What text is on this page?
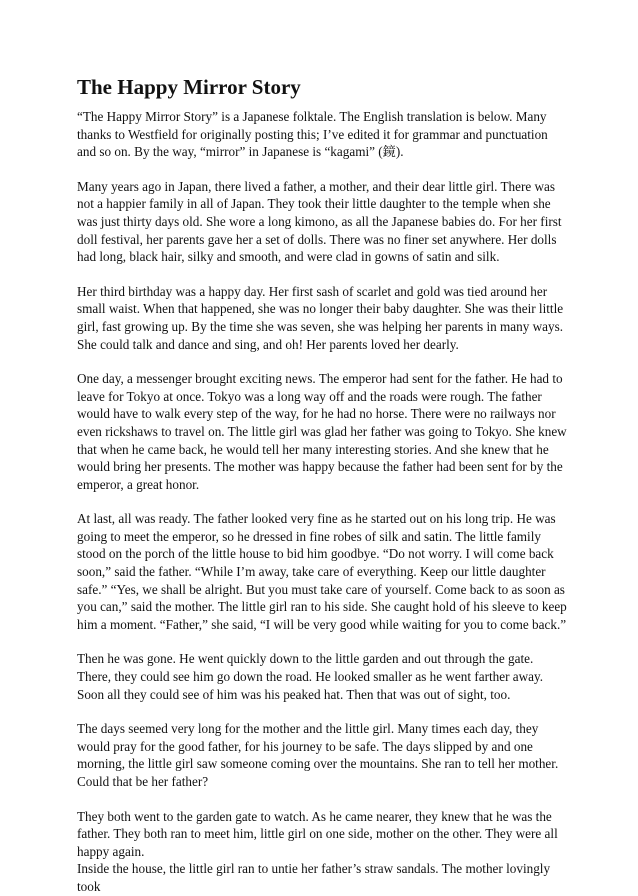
The Happy Mirror Story

“The Happy Mirror Story” is a Japanese folktale. The English translation is below. Many thanks to Westfield for originally posting this; I’ve edited it for grammar and punctuation and so on. By the way, “mirror” in Japanese is “kagami” (鏡).

Many years ago in Japan, there lived a father, a mother, and their dear little girl. There was not a happier family in all of Japan. They took their little daughter to the temple when she was just thirty days old. She wore a long kimono, as all the Japanese babies do. For her first doll festival, her parents gave her a set of dolls. There was no finer set anywhere. Her dolls had long, black hair, silky and smooth, and were clad in gowns of satin and silk.

Her third birthday was a happy day. Her first sash of scarlet and gold was tied around her small waist. When that happened, she was no longer their baby daughter. She was their little girl, fast growing up. By the time she was seven, she was helping her parents in many ways. She could talk and dance and sing, and oh! Her parents loved her dearly.

One day, a messenger brought exciting news. The emperor had sent for the father. He had to leave for Tokyo at once. Tokyo was a long way off and the roads were rough. The father would have to walk every step of the way, for he had no horse. There were no railways nor even rickshaws to travel on. The little girl was glad her father was going to Tokyo. She knew that when he came back, he would tell her many interesting stories. And she knew that he would bring her presents. The mother was happy because the father had been sent for by the emperor, a great honor.

At last, all was ready. The father looked very fine as he started out on his long trip. He was going to meet the emperor, so he dressed in fine robes of silk and satin. The little family stood on the porch of the little house to bid him goodbye. “Do not worry. I will come back soon,” said the father. “While I’m away, take care of everything. Keep our little daughter safe.” “Yes, we shall be alright. But you must take care of yourself. Come back to as soon as you can,” said the mother. The little girl ran to his side. She caught hold of his sleeve to keep him a moment. “Father,” she said, “I will be very good while waiting for you to come back.”

Then he was gone. He went quickly down to the little garden and out through the gate. There, they could see him go down the road. He looked smaller as he went farther away. Soon all they could see of him was his peaked hat. Then that was out of sight, too.

The days seemed very long for the mother and the little girl. Many times each day, they would pray for the good father, for his journey to be safe. The days slipped by and one morning, the little girl saw someone coming over the mountains. She ran to tell her mother. Could that be her father?

They both went to the garden gate to watch. As he came nearer, they knew that he was the father. They both ran to meet him, little girl on one side, mother on the other. They were all happy again.

Inside the house, the little girl ran to untie her father’s straw sandals. The mother lovingly took
